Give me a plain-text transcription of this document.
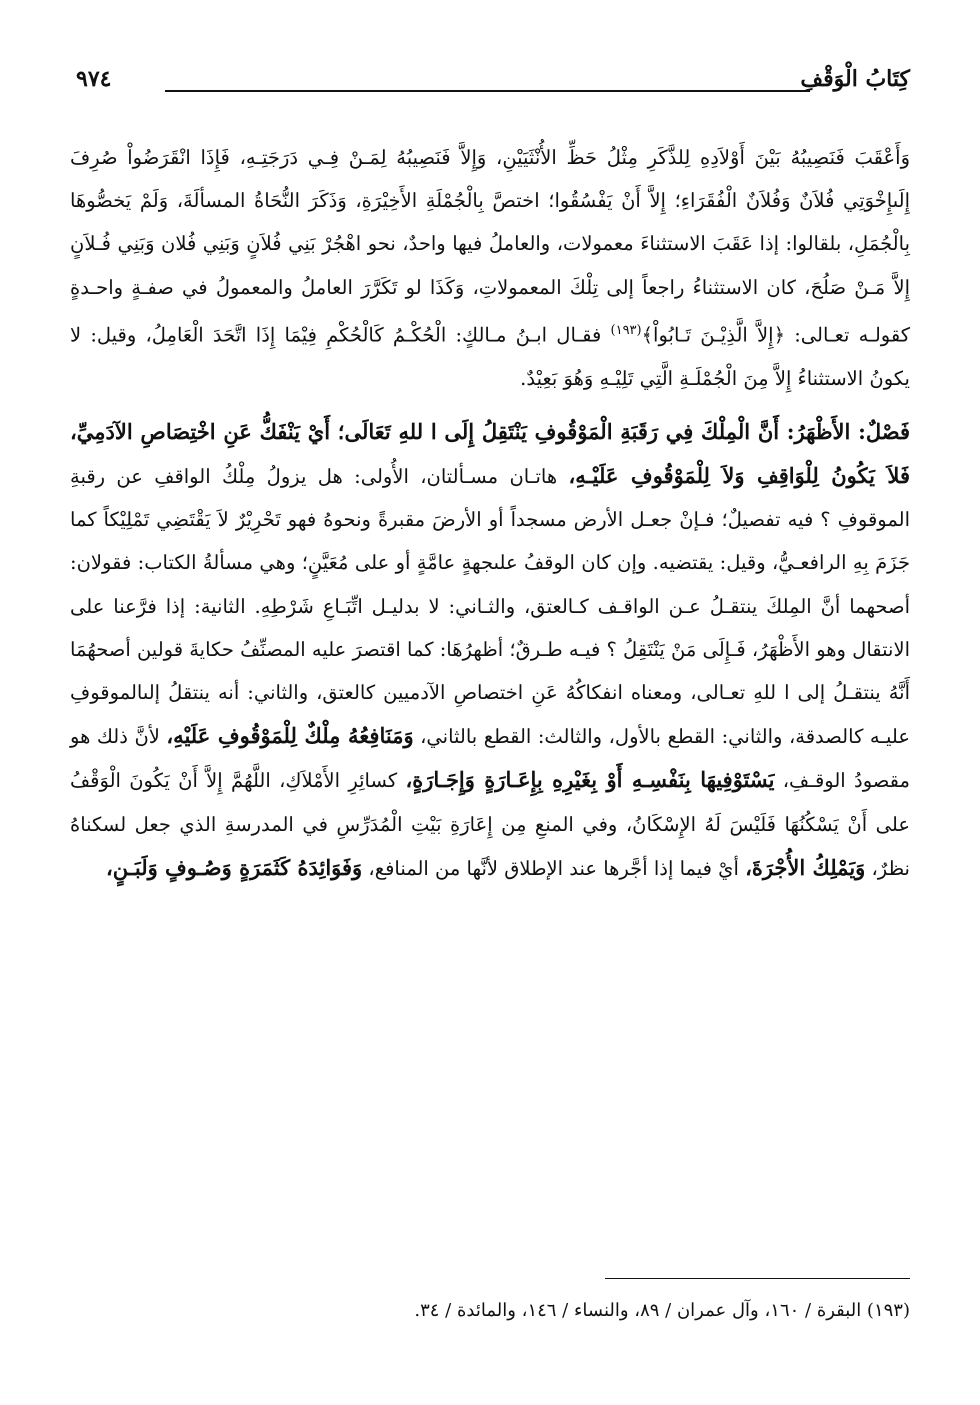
كِتَابُ الْوَقْفِ
٩٧٤

وَأَعْقَبَ فَنَصِيبُهُ بَيْنَ أَوْلاَدِهِ لِلذَّكَرِ مِثْلُ حَظِّ الأُنْثَيَيْنِ، وَإِلاَّ فَنَصِيبُهُ لِمَـنْ فِـي دَرَجَتِـهِ، فَإِذَا انْقَرَضُواْ صُرِفَ إِلَىإِخْوَتِي فُلاَنٌ وَفُلاَنٌ الْفُقَرَاءِ؛ إِلاَّ أَنْ يَفْسُقُوا؛ اختصَّ بِالْجُمْلَةِ الأَخِيْرَةِ، وَذَكَرَ النُّحَاةُ المسألَةَ، وَلَمْ يَخصُّوهَا بِالْجُمَلِ، بلقالوا: إذا عَقَبَ الاستثناءَ معمولات، والعاملُ فيها واحدٌ، نحو اهْجُرْ بَنِي فُلاَنٍ وَبَنِي فُلان وَبَنِي فُـلاَنٍ إِلاَّ مَـنْ صَلُحَ، كان الاستثناءُ راجعاً إلى تِلْكَ المعمولاتِ، وَكَذَا لو تَكَرَّرَ العاملُ والمعمولُ في صفـةٍ واحـدةٍ كقولـه تعـالى: ﴿إِلاَّ الَّذِيْـنَ تَـابُواْ﴾$^{(١٩٣)}$ فقـال ابـنُ مـالكٍ: الْحُكْـمُ كَالْحُكْمِ فِيْمَا إِذَا اتَّحَدَ الْعَامِلُ، وقيل: لا يكونُ الاستثناءُ إِلاَّ مِنَ الْجُمْلَـةِ الَّتِي تَلِيْـهِ وَهُوَ بَعِيْدٌ.

فَصْلٌ: الأَظْهَرُ: أَنَّ الْمِلْكَ فِي رَقَبَةِ الْمَوْقُوفِ يَنْتَقِلُ إِلَى ا للهِ تَعَالَى؛ أَيْ يَنْفَكُّ عَنِ اخْتِصَاصِ الآدَمِيِّ، فَلاَ يَكُونُ لِلْوَاقِفِ وَلاَ لِلْمَوْقُوفِ عَلَيْـهِ، هاتـان مسـألتان، الأُولى: هل يزولُ مِلْكُ الواقفِ عن رقبةِ الموقوفِ ؟ فيه تفصيلٌ؛ فـإنْ جعـل الأرض مسجداً أو الأرضَ مقبرةً ونحوهُ فهو تَحْرِيْرٌ لاَ يَقْتَضِي تَمْلِيْكاً كما جَزَمَ بِهِ الرافعـيُّ، وقيل: يقتضيه. وإن كان الوقفُ علىجهةٍ عامَّةٍ أو على مُعَيَّنٍ؛ وهي مسألةُ الكتاب: فقولان: أصحهما أنَّ المِلكَ ينتقـلُ عـن الواقـف كـالعتق، والثـاني: لا بدليـل اتِّبَـاعِ شَرْطِهِ. الثانية: إذا فرَّعنا على الانتقال وهو الأَظْهَرُ، فَـإِلَى مَنْ يَنْتَقِلُ ؟ فيـه طـرقٌ؛ أظهرُهَا: كما اقتصرَ عليه المصنِّفُ حكايةَ قولين أصحهُمَا أَنَّهُ ينتقـلُ إلى ا للهِ تعـالى، ومعناه انفكاكُهُ عَنِ اختصاصِ الآدميين كالعتق، والثاني: أنه ينتقلُ إلىالموقوفِ عليـه كالصدقة، والثاني: القطع بالأول، والثالث: القطع بالثاني، وَمَنَافِعُهُ مِلْكٌ لِلْمَوْقُوفِ عَلَيْهِ، لأنَّ ذلك هو مقصودُ الوقـفِ، يَسْتَوْفِيهَا بِنَفْسِـهِ أَوْ بِغَيْرِهِ بِإِعَـارَةٍ وَإِجَـارَةٍ، كسائِرِ الأَمْلاَكِ، اللَّهُمَّ إِلاَّ أَنْ يَكُونَ الْوَقْفُ على أَنْ يَسْكُنُهَا فَلَيْسَ لَهُ الإِسْكَانُ، وفي المنعِ مِن إِعَارَةِ بَيْتِ الْمُدَرِّسِ في المدرسةِ الذي جعل لسكناهُ نظرٌ، وَيَمْلِكُ الأُجْرَةَ، أيْ فيما إذا أجَّرها عند الإطلاق لأنَّها من المنافع، وَفَوَائِدَهُ كَثَمَرَةٍ وَصُـوفٍ وَلَبَـنٍ،

(١٩٣) البقرة / ١٦٠، وآل عمران / ٨٩، والنساء / ١٤٦، والمائدة / ٣٤.
